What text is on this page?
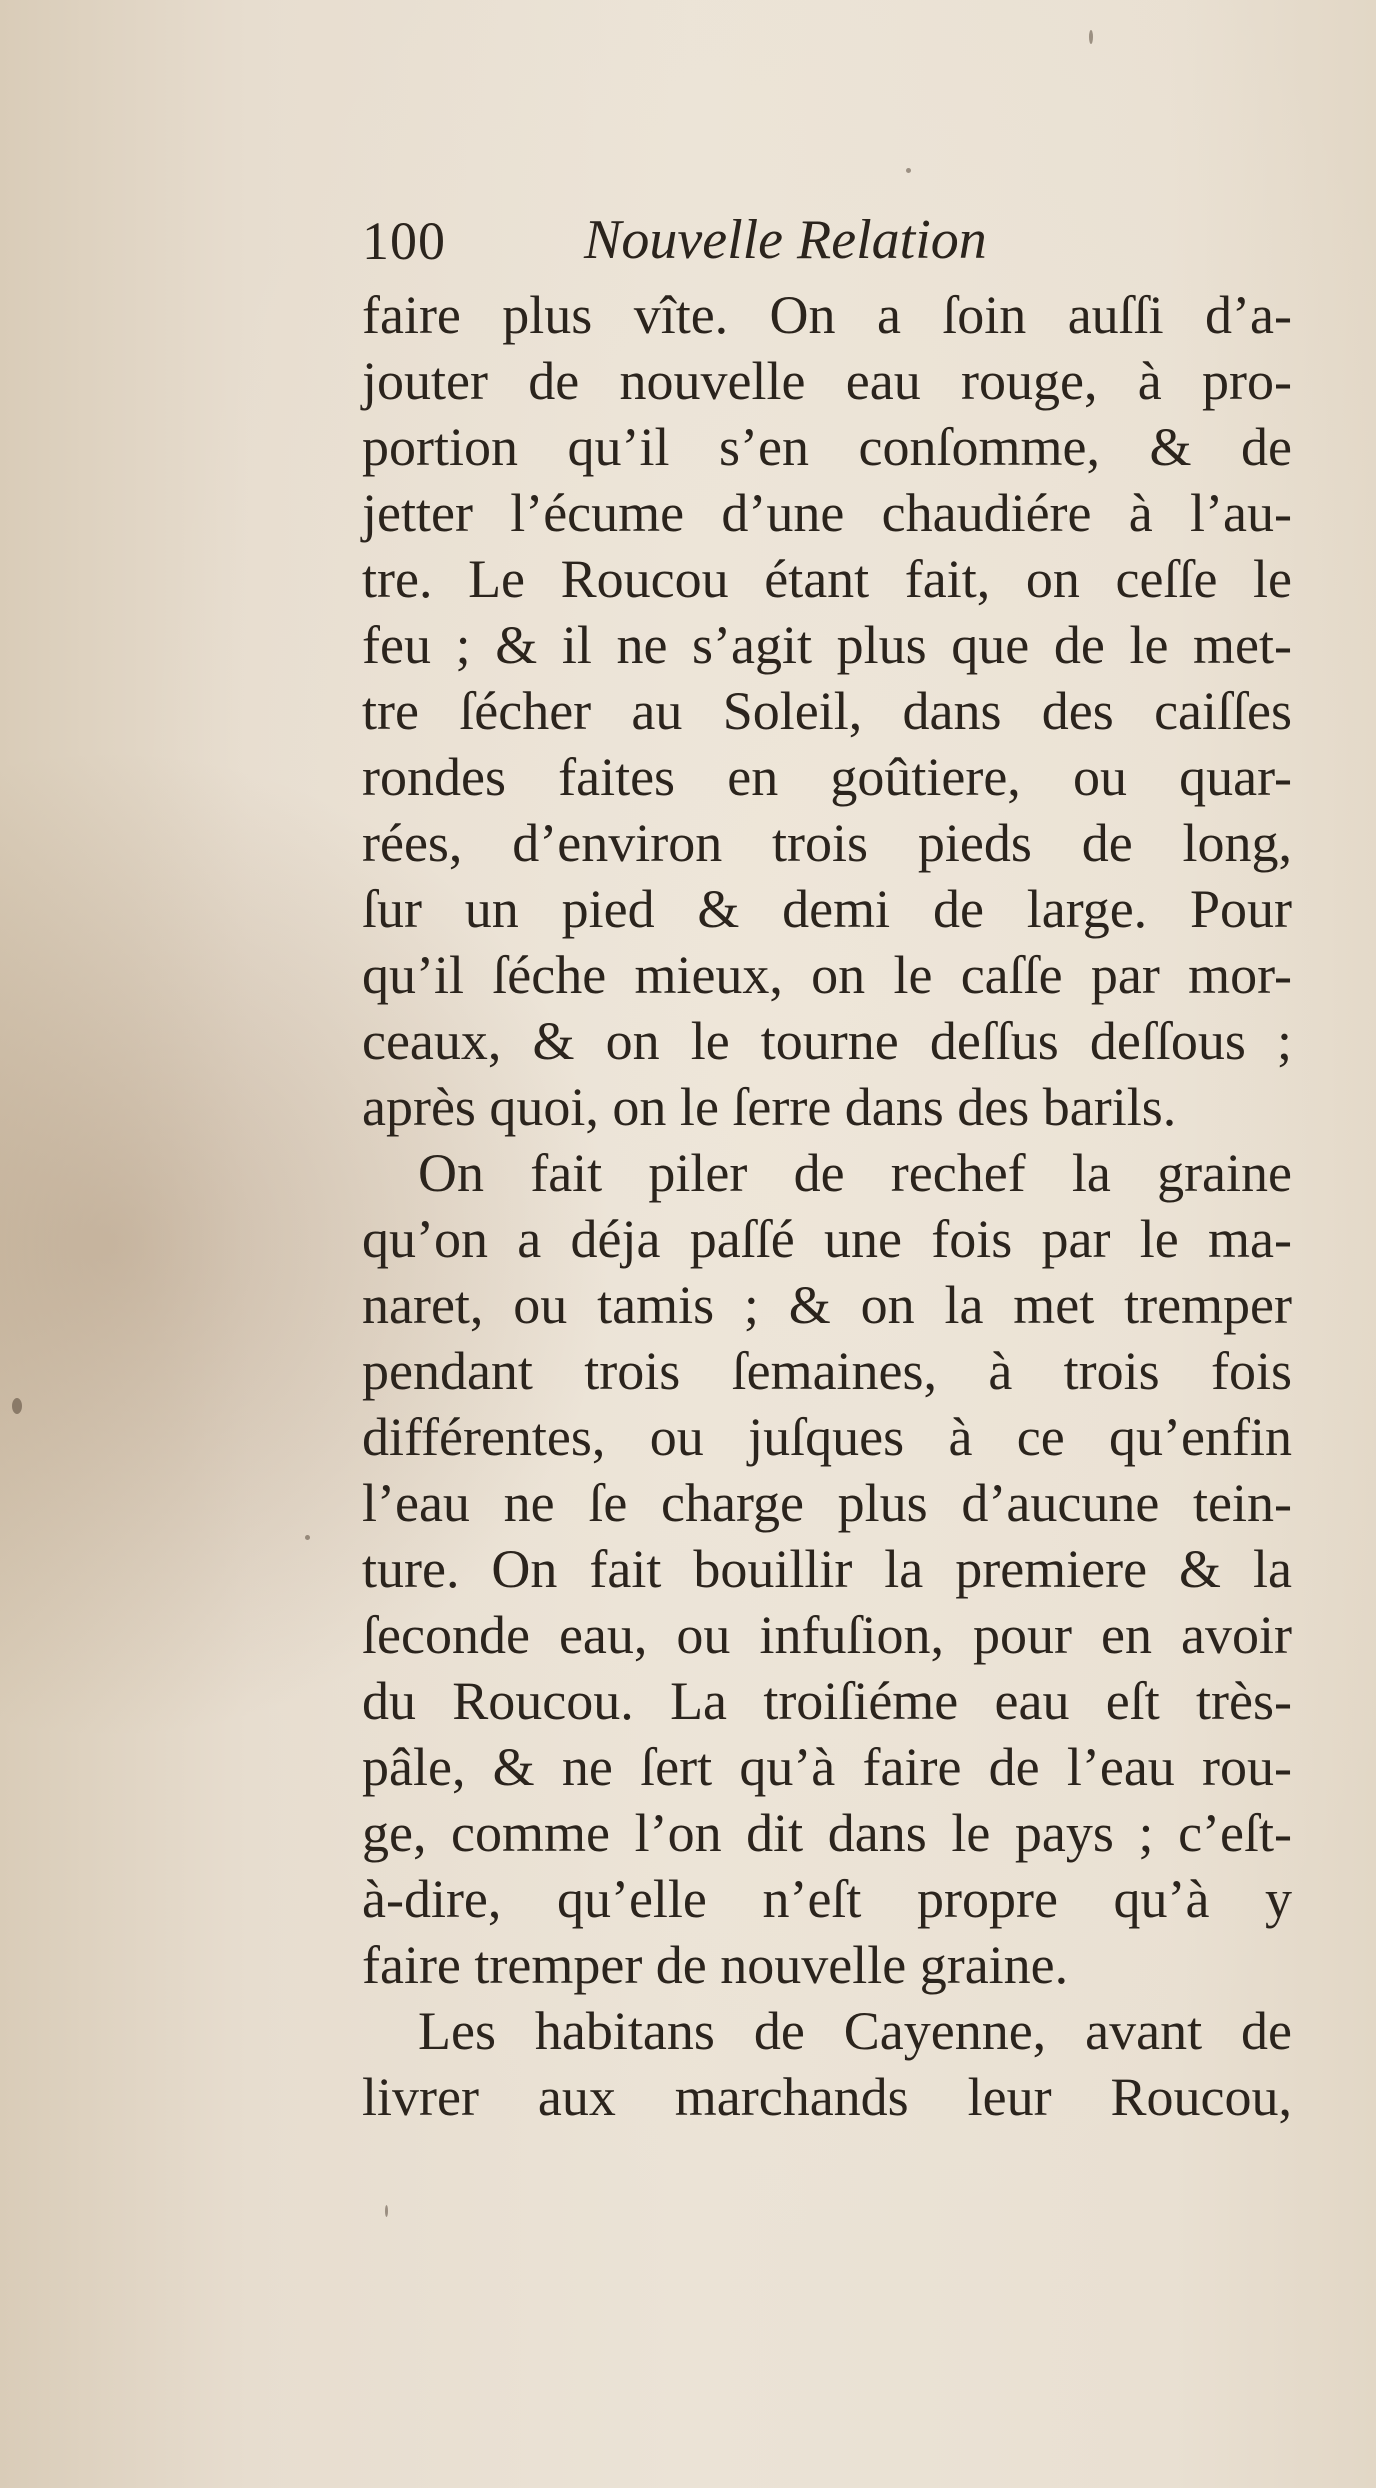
100 Nouvelle Relation
faire plus vîte. On a ſoin auſſi d’a-
jouter de nouvelle eau rouge, à pro-
portion qu’il s’en conſomme, & de
jetter l’écume d’une chaudiére à l’au-
tre. Le Roucou étant fait, on ceſſe le
feu ; & il ne s’agit plus que de le met-
tre ſécher au Soleil, dans des caiſſes
rondes faites en goûtiere, ou quar-
rées, d’environ trois pieds de long,
ſur un pied & demi de large. Pour
qu’il ſéche mieux, on le caſſe par mor-
ceaux, & on le tourne deſſus deſſous ;
après quoi, on le ſerre dans des barils.
On fait piler de rechef la graine
qu’on a déja paſſé une fois par le ma-
naret, ou tamis ; & on la met tremper
pendant trois ſemaines, à trois fois
différentes, ou juſques à ce qu’enfin
l’eau ne ſe charge plus d’aucune tein-
ture. On fait bouillir la premiere & la
ſeconde eau, ou infuſion, pour en avoir
du Roucou. La troiſiéme eau eſt très-
pâle, & ne ſert qu’à faire de l’eau rou-
ge, comme l’on dit dans le pays ; c’eſt-
à-dire, qu’elle n’eſt propre qu’à y
faire tremper de nouvelle graine.
Les habitans de Cayenne, avant de
livrer aux marchands leur Roucou,
